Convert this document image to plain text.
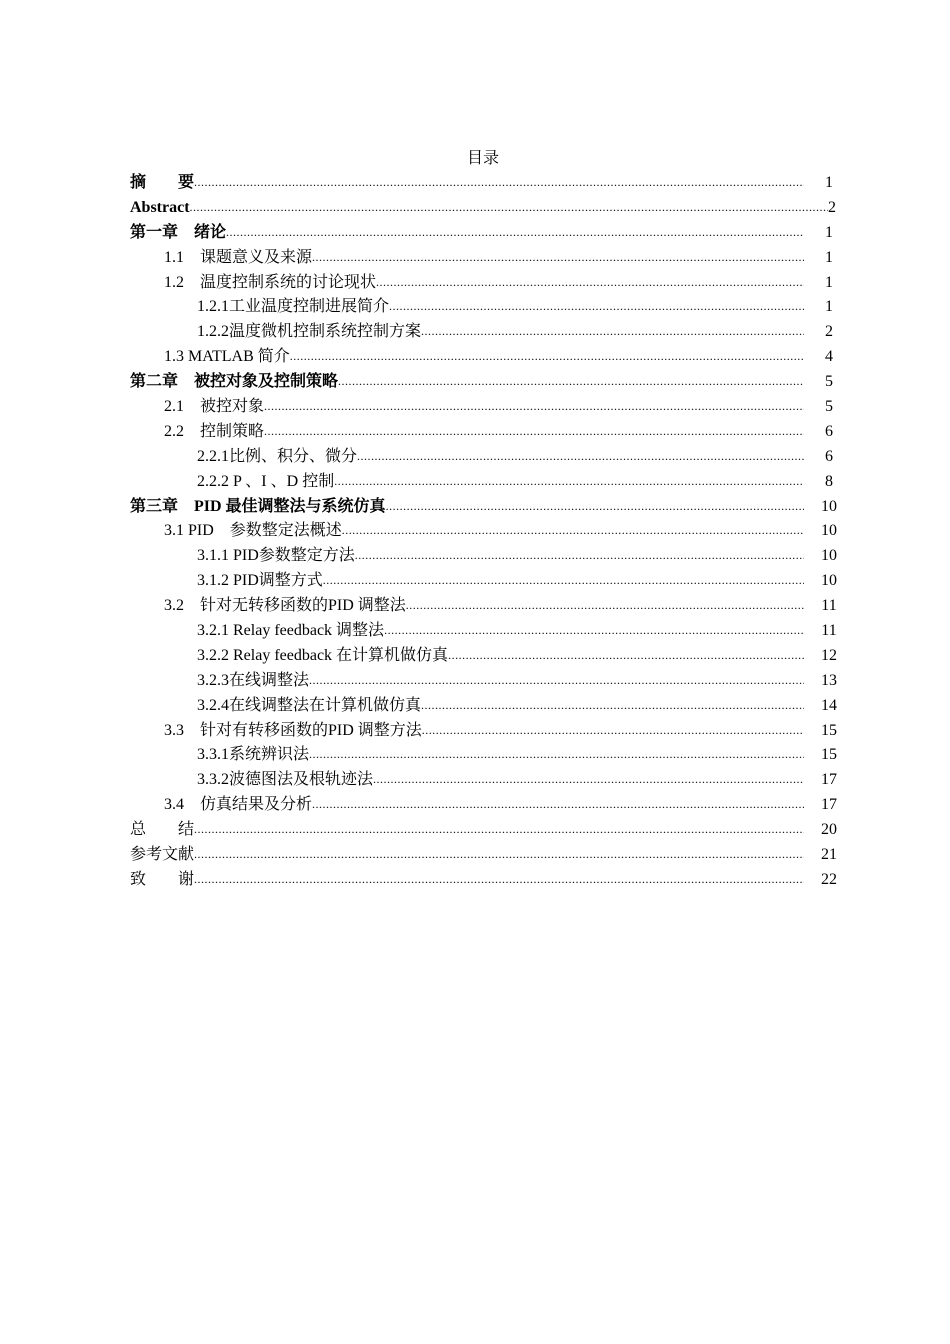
目录
摘　　要 .....	1
Abstract .....	2
第一章　绪论 .....	1
1.1　课题意义及来源 .....	1
1.2　温度控制系统的讨论现状 .....	1
1.2.1工业温度控制进展简介 .....	1
1.2.2温度微机控制系统控制方案 .....	2
1.3 MATLAB 简介 .....	4
第二章　被控对象及控制策略 .....	5
2.1　被控对象 .....	5
2.2　控制策略 .....	6
2.2.1比例、积分、微分 .....	6
2.2.2 P 、I 、D 控制 .....	8
第三章　PID 最佳调整法与系统仿真 .....	10
3.1 PID　参数整定法概述 .....	10
3.1.1 PID参数整定方法 .....	10
3.1.2 PID调整方式 .....	10
3.2　针对无转移函数的PID 调整法 .....	11
3.2.1 Relay feedback 调整法 .....	11
3.2.2 Relay feedback 在计算机做仿真 .....	12
3.2.3在线调整法 .....	13
3.2.4在线调整法在计算机做仿真 .....	14
3.3　针对有转移函数的PID 调整方法 .....	15
3.3.1系统辨识法 .....	15
3.3.2波德图法及根轨迹法 .....	17
3.4　仿真结果及分析 .....	17
总　　结 .....	20
参考文献 .....	21
致　　谢 .....	22
